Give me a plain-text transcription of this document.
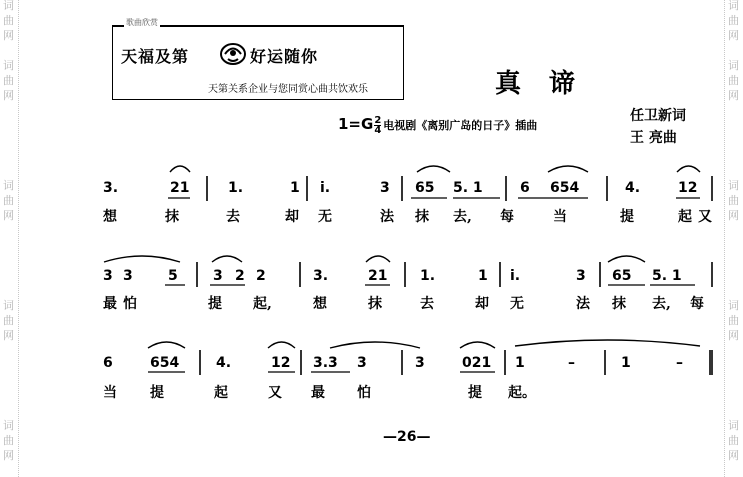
词
曲
网
词
曲
网
词
曲
网
词
曲
网
词
曲
网
词
曲
网
词
曲
网
词
曲
网
词
曲
网
词
曲
网
歌曲欣赏
天福及第	好运随你
天第关系企业与您同赏心曲共饮欢乐	真谛
$1=G \frac{2}{4}$ 电视剧《离别广岛的日子》插曲
任卫新词
王 亮曲
3.	21	1.	1 i.	3 65 5. 1	6 654	4.	12
想	抹	去	却 无	法 抹 去, 每	当	提	起 又
3 3	5	3 2 2	3.	21 1.	1 i.	3 65 5. 1
最 怕	提 起,	想	抹	去	却 无	法 抹 去, 每
6	654	4.	12 3.3 3	3	021 1	–	1	–
当 提	起	又 最 怕	提 起。
—26—
